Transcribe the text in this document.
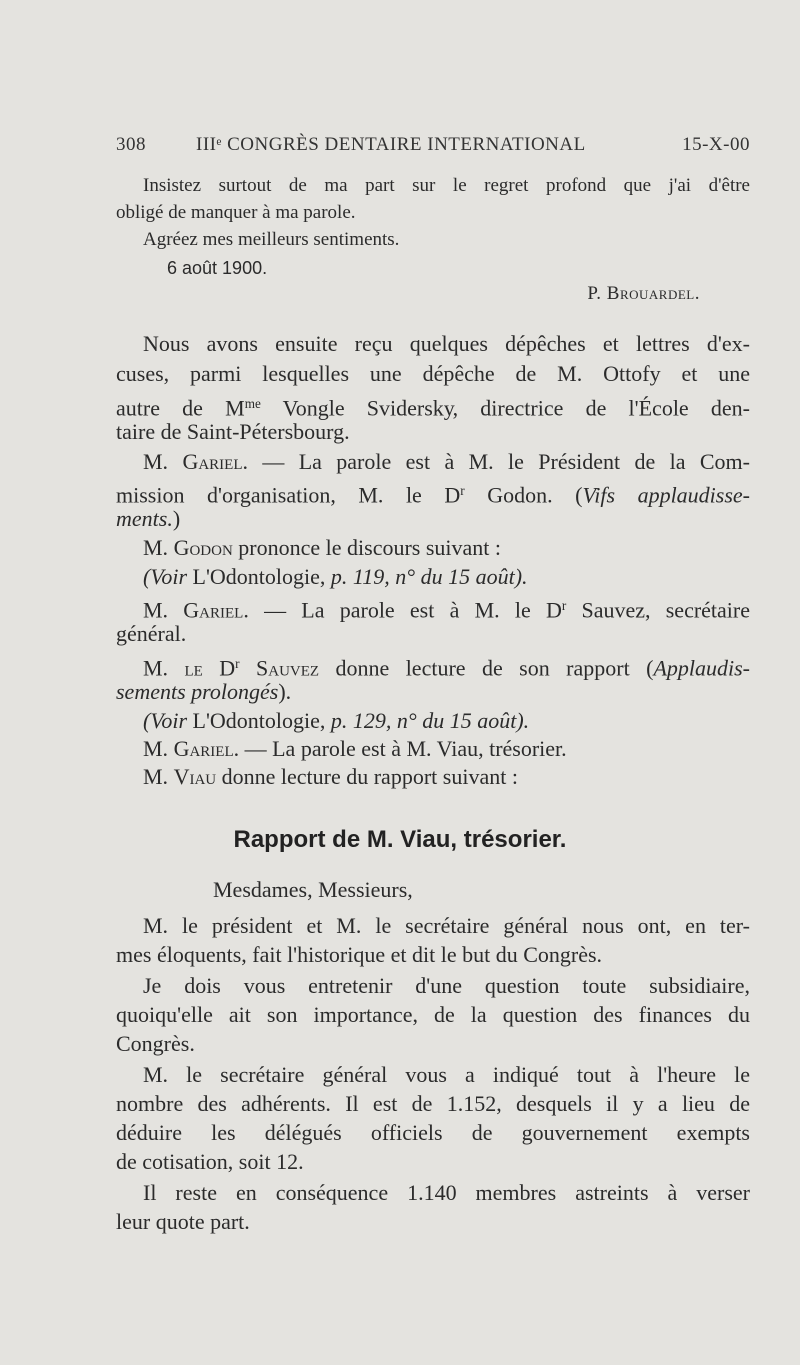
308	IIIᵉ CONGRÈS DENTAIRE INTERNATIONAL	15-X-00
Insistez surtout de ma part sur le regret profond que j'ai d'être
obligé de manquer à ma parole.
Agréez mes meilleurs sentiments.
6 août 1900.
P. Brouardel.
Nous avons ensuite reçu quelques dépêches et lettres d'ex-
cuses, parmi lesquelles une dépêche de M. Ottofy et une
autre de $M^{me}$ Vongle Sviderskу, directrice de l'École den-
taire de Saint-Pétersbourg.
M. Gariel. — La parole est à M. le Président de la Com-
mission d'organisation, M. le $D^r$ Godon. (Vifs applaudisse-
ments.)
M. Godon prononce le discours suivant :
(Voir L'Odontologie, p. 119, n° du 15 août).
M. Gariel. — La parole est à M. le $D^r$ Sauvez, secrétaire
général.
M. le $D^r$ Sauvez donne lecture de son rapport (Applaudis-
sements prolongés).
(Voir L'Odontologie, p. 129, n° du 15 août).
M. Gariel. — La parole est à M. Viau, trésorier.
M. Viau donne lecture du rapport suivant :
Rapport de M. Viau, trésorier.
Mesdames, Messieurs,
M. le président et M. le secrétaire général nous ont, en ter-
mes éloquents, fait l'historique et dit le but du Congrès.
Je dois vous entretenir d'une question toute subsidiaire,
quoiqu'elle ait son importance, de la question des finances du
Congrès.
M. le secrétaire général vous a indiqué tout à l'heure le
nombre des adhérents. Il est de 1.152, desquels il y a lieu de
déduire les délégués officiels de gouvernement exempts
de cotisation, soit 12.
Il reste en conséquence 1.140 membres astreints à verser
leur quote part.
